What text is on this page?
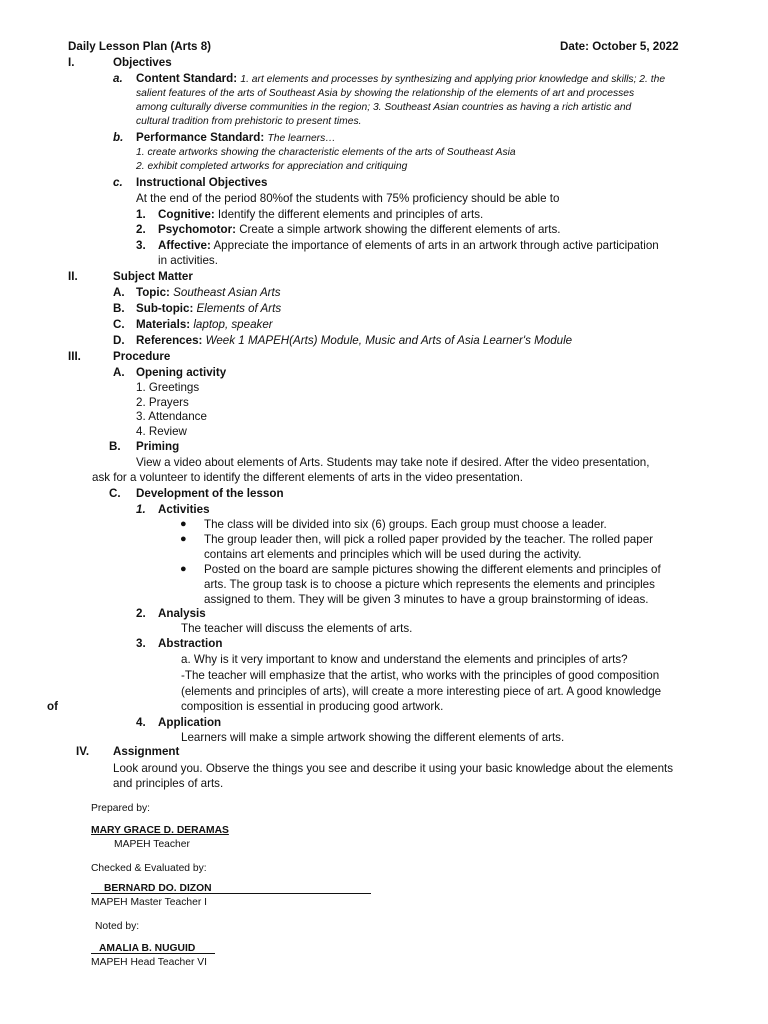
Daily Lesson Plan (Arts 8)	Date: October 5, 2022
I.	Objectives
a. Content Standard: 1. art elements and processes by synthesizing and applying prior knowledge and skills; 2. the
salient features of the arts of Southeast Asia by showing the relationship of the elements of art and processes
among culturally diverse communities in the region; 3. Southeast Asian countries as having a rich artistic and
cultural tradition from prehistoric to present times.
b. Performance Standard: The learners…
1. create artworks showing the characteristic elements of the arts of Southeast Asia
2. exhibit completed artworks for appreciation and critiquing
c. Instructional Objectives
At the end of the period 80%of the students with 75% proficiency should be able to
1. Cognitive: Identify the different elements and principles of arts.
2. Psychomotor: Create a simple artwork showing the different elements of arts.
3. Affective: Appreciate the importance of elements of arts in an artwork through active participation
in activities.
II.	Subject Matter
A. Topic: Southeast Asian Arts
B. Sub-topic: Elements of Arts
C. Materials: laptop, speaker
D. References: Week 1 MAPEH(Arts) Module, Music and Arts of Asia Learner's Module
III.	Procedure
A. Opening activity
1. Greetings
2. Prayers
3. Attendance
4. Review
B. Priming
View a video about elements of Arts. Students may take note if desired. After the video presentation,
ask for a volunteer to identify the different elements of arts in the video presentation.
C. Development of the lesson
1. Activities
● The class will be divided into six (6) groups. Each group must choose a leader.
● The group leader then, will pick a rolled paper provided by the teacher. The rolled paper
contains art elements and principles which will be used during the activity.
● Posted on the board are sample pictures showing the different elements and principles of
arts. The group task is to choose a picture which represents the elements and principles
assigned to them. They will be given 3 minutes to have a group brainstorming of ideas.
2. Analysis
The teacher will discuss the elements of arts.
3. Abstraction
a. Why is it very important to know and understand the elements and principles of arts?
-The teacher will emphasize that the artist, who works with the principles of good composition
(elements and principles of arts), will create a more interesting piece of art. A good knowledge
of	composition is essential in producing good artwork.
4. Application
Learners will make a simple artwork showing the different elements of arts.
IV. Assignment
Look around you. Observe the things you see and describe it using your basic knowledge about the elements
and principles of arts.
Prepared by:
MARY GRACE D. DERAMAS
MAPEH Teacher
Checked & Evaluated by:
BERNARD DO. DIZON
MAPEH Master Teacher I
Noted by:
AMALIA B. NUGUID
MAPEH Head Teacher VI
